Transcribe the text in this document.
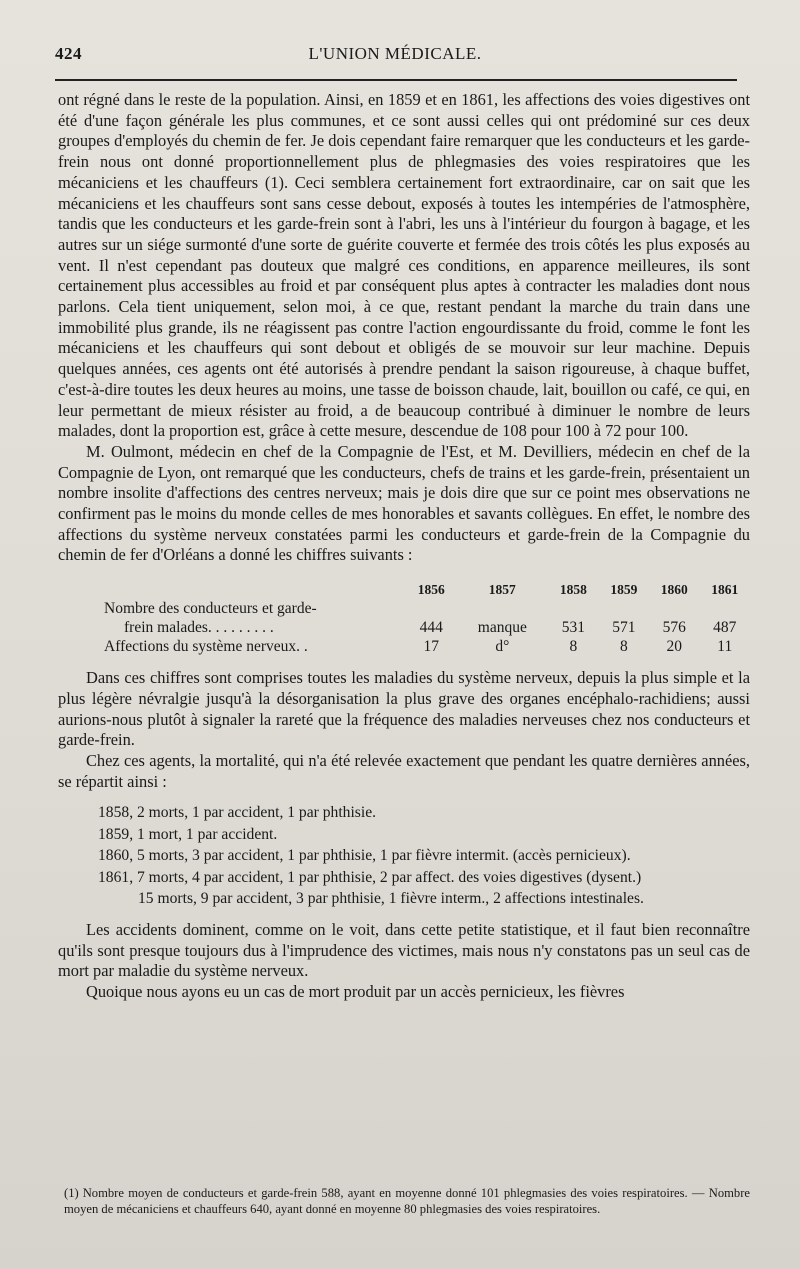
424	L'UNION MÉDICALE.

ont régné dans le reste de la population. Ainsi, en 1859 et en 1861, les affections des voies digestives ont été d'une façon générale les plus communes, et ce sont aussi celles qui ont prédominé sur ces deux groupes d'employés du chemin de fer. Je dois cependant faire remarquer que les conducteurs et les garde-frein nous ont donné proportionnellement plus de phlegmasies des voies respiratoires que les mécaniciens et les chauffeurs (1). Ceci semblera certainement fort extraordinaire, car on sait que les mécaniciens et les chauffeurs sont sans cesse debout, exposés à toutes les intempéries de l'atmosphère, tandis que les conducteurs et les garde-frein sont à l'abri, les uns à l'intérieur du fourgon à bagage, et les autres sur un siége surmonté d'une sorte de guérite couverte et fermée des trois côtés les plus exposés au vent. Il n'est cependant pas douteux que malgré ces conditions, en apparence meilleures, ils sont certainement plus accessibles au froid et par conséquent plus aptes à contracter les maladies dont nous parlons. Cela tient uniquement, selon moi, à ce que, restant pendant la marche du train dans une immobilité plus grande, ils ne réagissent pas contre l'action engourdissante du froid, comme le font les mécaniciens et les chauffeurs qui sont debout et obligés de se mouvoir sur leur machine. Depuis quelques années, ces agents ont été autorisés à prendre pendant la saison rigoureuse, à chaque buffet, c'est-à-dire toutes les deux heures au moins, une tasse de boisson chaude, lait, bouillon ou café, ce qui, en leur permettant de mieux résister au froid, a de beaucoup contribué à diminuer le nombre de leurs malades, dont la proportion est, grâce à cette mesure, descendue de 108 pour 100 à 72 pour 100.

M. Oulmont, médecin en chef de la Compagnie de l'Est, et M. Devilliers, médecin en chef de la Compagnie de Lyon, ont remarqué que les conducteurs, chefs de trains et les garde-frein, présentaient un nombre insolite d'affections des centres nerveux; mais je dois dire que sur ce point mes observations ne confirment pas le moins du monde celles de mes honorables et savants collègues. En effet, le nombre des affections du système nerveux constatées parmi les conducteurs et garde-frein de la Compagnie du chemin de fer d'Orléans a donné les chiffres suivants :

	1856	1857	1858	1859	1860	1861
Nombre des conducteurs et garde-						
frein malades. . . . . . . . .	444	manque	531	571	576	487
Affections du système nerveux. .	17	d°	8	8	20	11

Dans ces chiffres sont comprises toutes les maladies du système nerveux, depuis la plus simple et la plus légère névralgie jusqu'à la désorganisation la plus grave des organes encéphalo-rachidiens; aussi aurions-nous plutôt à signaler la rareté que la fréquence des maladies nerveuses chez nos conducteurs et garde-frein.

Chez ces agents, la mortalité, qui n'a été relevée exactement que pendant les quatre dernières années, se répartit ainsi :

1858, 2 morts, 1 par accident, 1 par phthisie.
1859, 1 mort, 1 par accident.
1860, 5 morts, 3 par accident, 1 par phthisie, 1 par fièvre intermit. (accès pernicieux).
1861, 7 morts, 4 par accident, 1 par phthisie, 2 par affect. des voies digestives (dysent.)
15 morts, 9 par accident, 3 par phthisie, 1 fièvre interm., 2 affections intestinales.

Les accidents dominent, comme on le voit, dans cette petite statistique, et il faut bien reconnaître qu'ils sont presque toujours dus à l'imprudence des victimes, mais nous n'y constatons pas un seul cas de mort par maladie du système nerveux.

Quoique nous ayons eu un cas de mort produit par un accès pernicieux, les fièvres

(1) Nombre moyen de conducteurs et garde-frein 588, ayant en moyenne donné 101 phlegmasies des voies respiratoires. — Nombre moyen de mécaniciens et chauffeurs 640, ayant donné en moyenne 80 phlegmasies des voies respiratoires.
